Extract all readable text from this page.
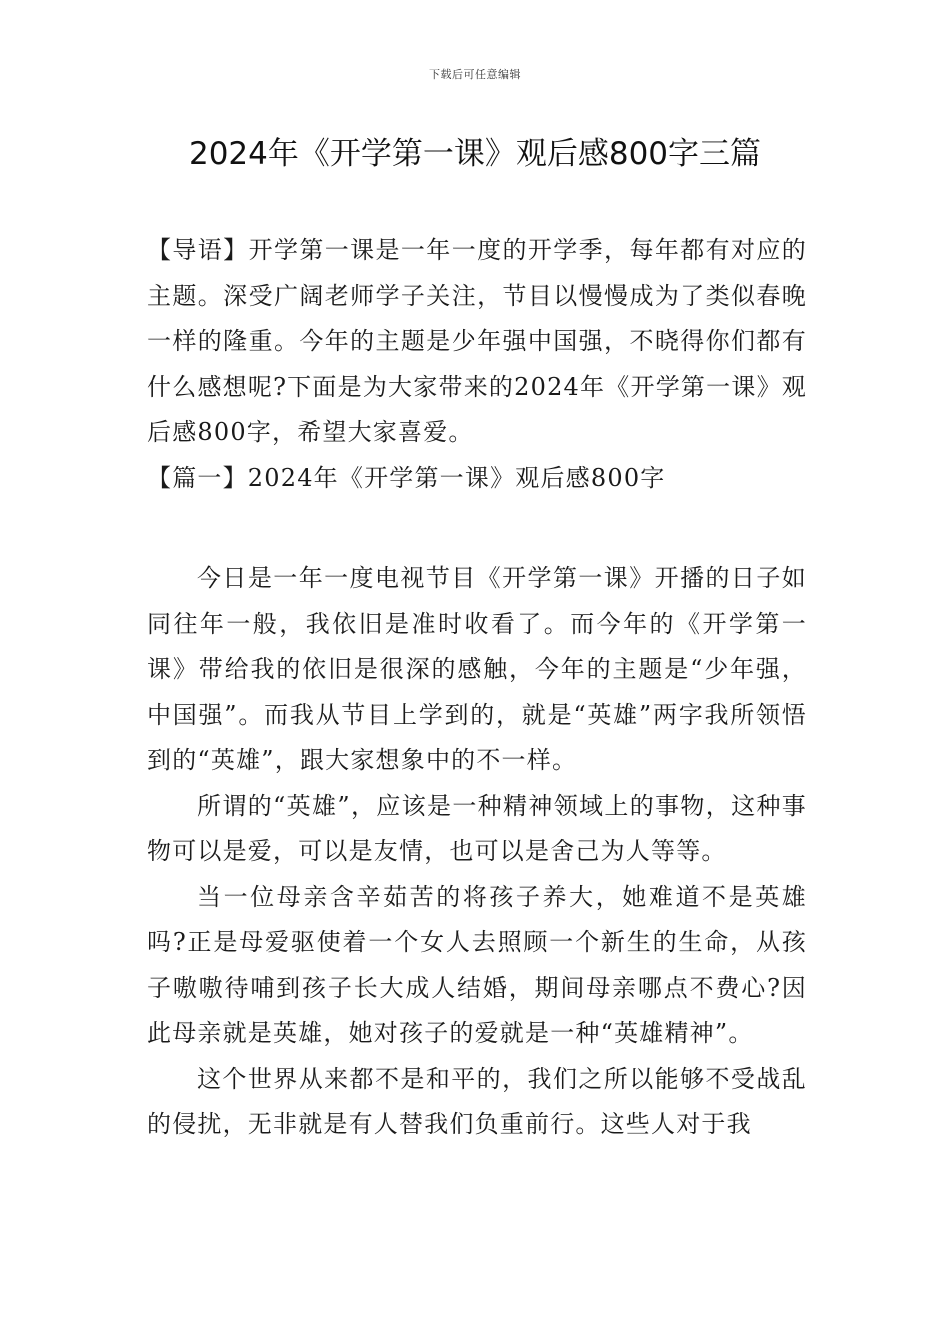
下载后可任意编辑
2024年《开学第一课》观后感800字三篇

【导语】开学第一课是一年一度的开学季，每年都有对应的主题。深受广阔老师学子关注，节目以慢慢成为了类似春晚一样的隆重。今年的主题是少年强中国强，不晓得你们都有什么感想呢?下面是为大家带来的2024年《开学第一课》观后感800字，希望大家喜爱。

【篇一】2024年《开学第一课》观后感800字

今日是一年一度电视节目《开学第一课》开播的日子如同往年一般，我依旧是准时收看了。而今年的《开学第一课》带给我的依旧是很深的感触，今年的主题是“少年强，中国强”。而我从节目上学到的，就是“英雄”两字我所领悟到的“英雄”，跟大家想象中的不一样。

所谓的“英雄”，应该是一种精神领域上的事物，这种事物可以是爱，可以是友情，也可以是舍己为人等等。

当一位母亲含辛茹苦的将孩子养大，她难道不是英雄吗?正是母爱驱使着一个女人去照顾一个新生的生命，从孩子嗷嗷待哺到孩子长大成人结婚，期间母亲哪点不费心?因此母亲就是英雄，她对孩子的爱就是一种“英雄精神”。

这个世界从来都不是和平的，我们之所以能够不受战乱的侵扰，无非就是有人替我们负重前行。这些人对于我
